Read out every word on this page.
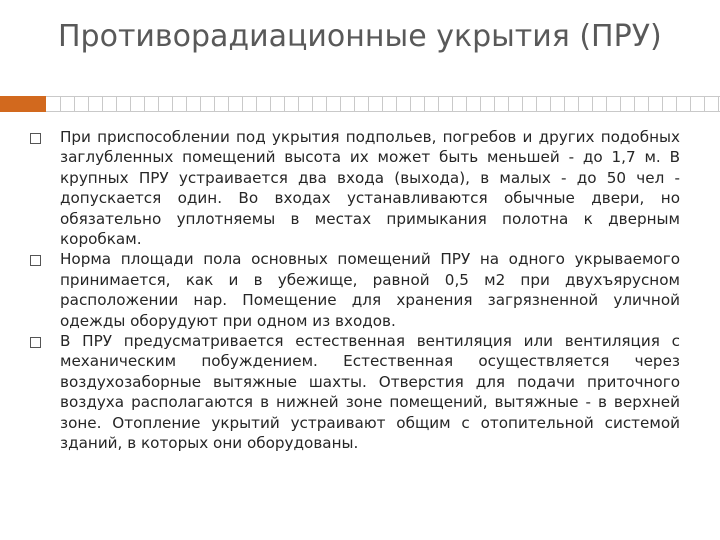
Противорадиационные укрытия (ПРУ)
При приспособлении под укрытия подпольев, погребов и других подобных заглубленных помещений высота их может быть меньшей - до 1,7 м. В крупных ПРУ устраивается два входа (выхода), в малых - до 50 чел - допускается один. Во входах устанавливаются обычные двери, но обязательно уплотняемы в местах примыкания полотна к дверным коробкам.
Норма площади пола основных помещений ПРУ на одного укрываемого принимается, как и в убежище, равной 0,5 м2 при двухъярусном расположении нар. Помещение для хранения загрязненной уличной одежды оборудуют при одном из входов.
В ПРУ предусматривается естественная вентиляция или вентиляция с механическим побуждением. Естественная осуществляется через воздухозаборные вытяжные шахты. Отверстия для подачи приточного воздуха располагаются в нижней зоне помещений, вытяжные - в верхней зоне. Отопление укрытий устраивают общим с отопительной системой зданий, в которых они оборудованы.
